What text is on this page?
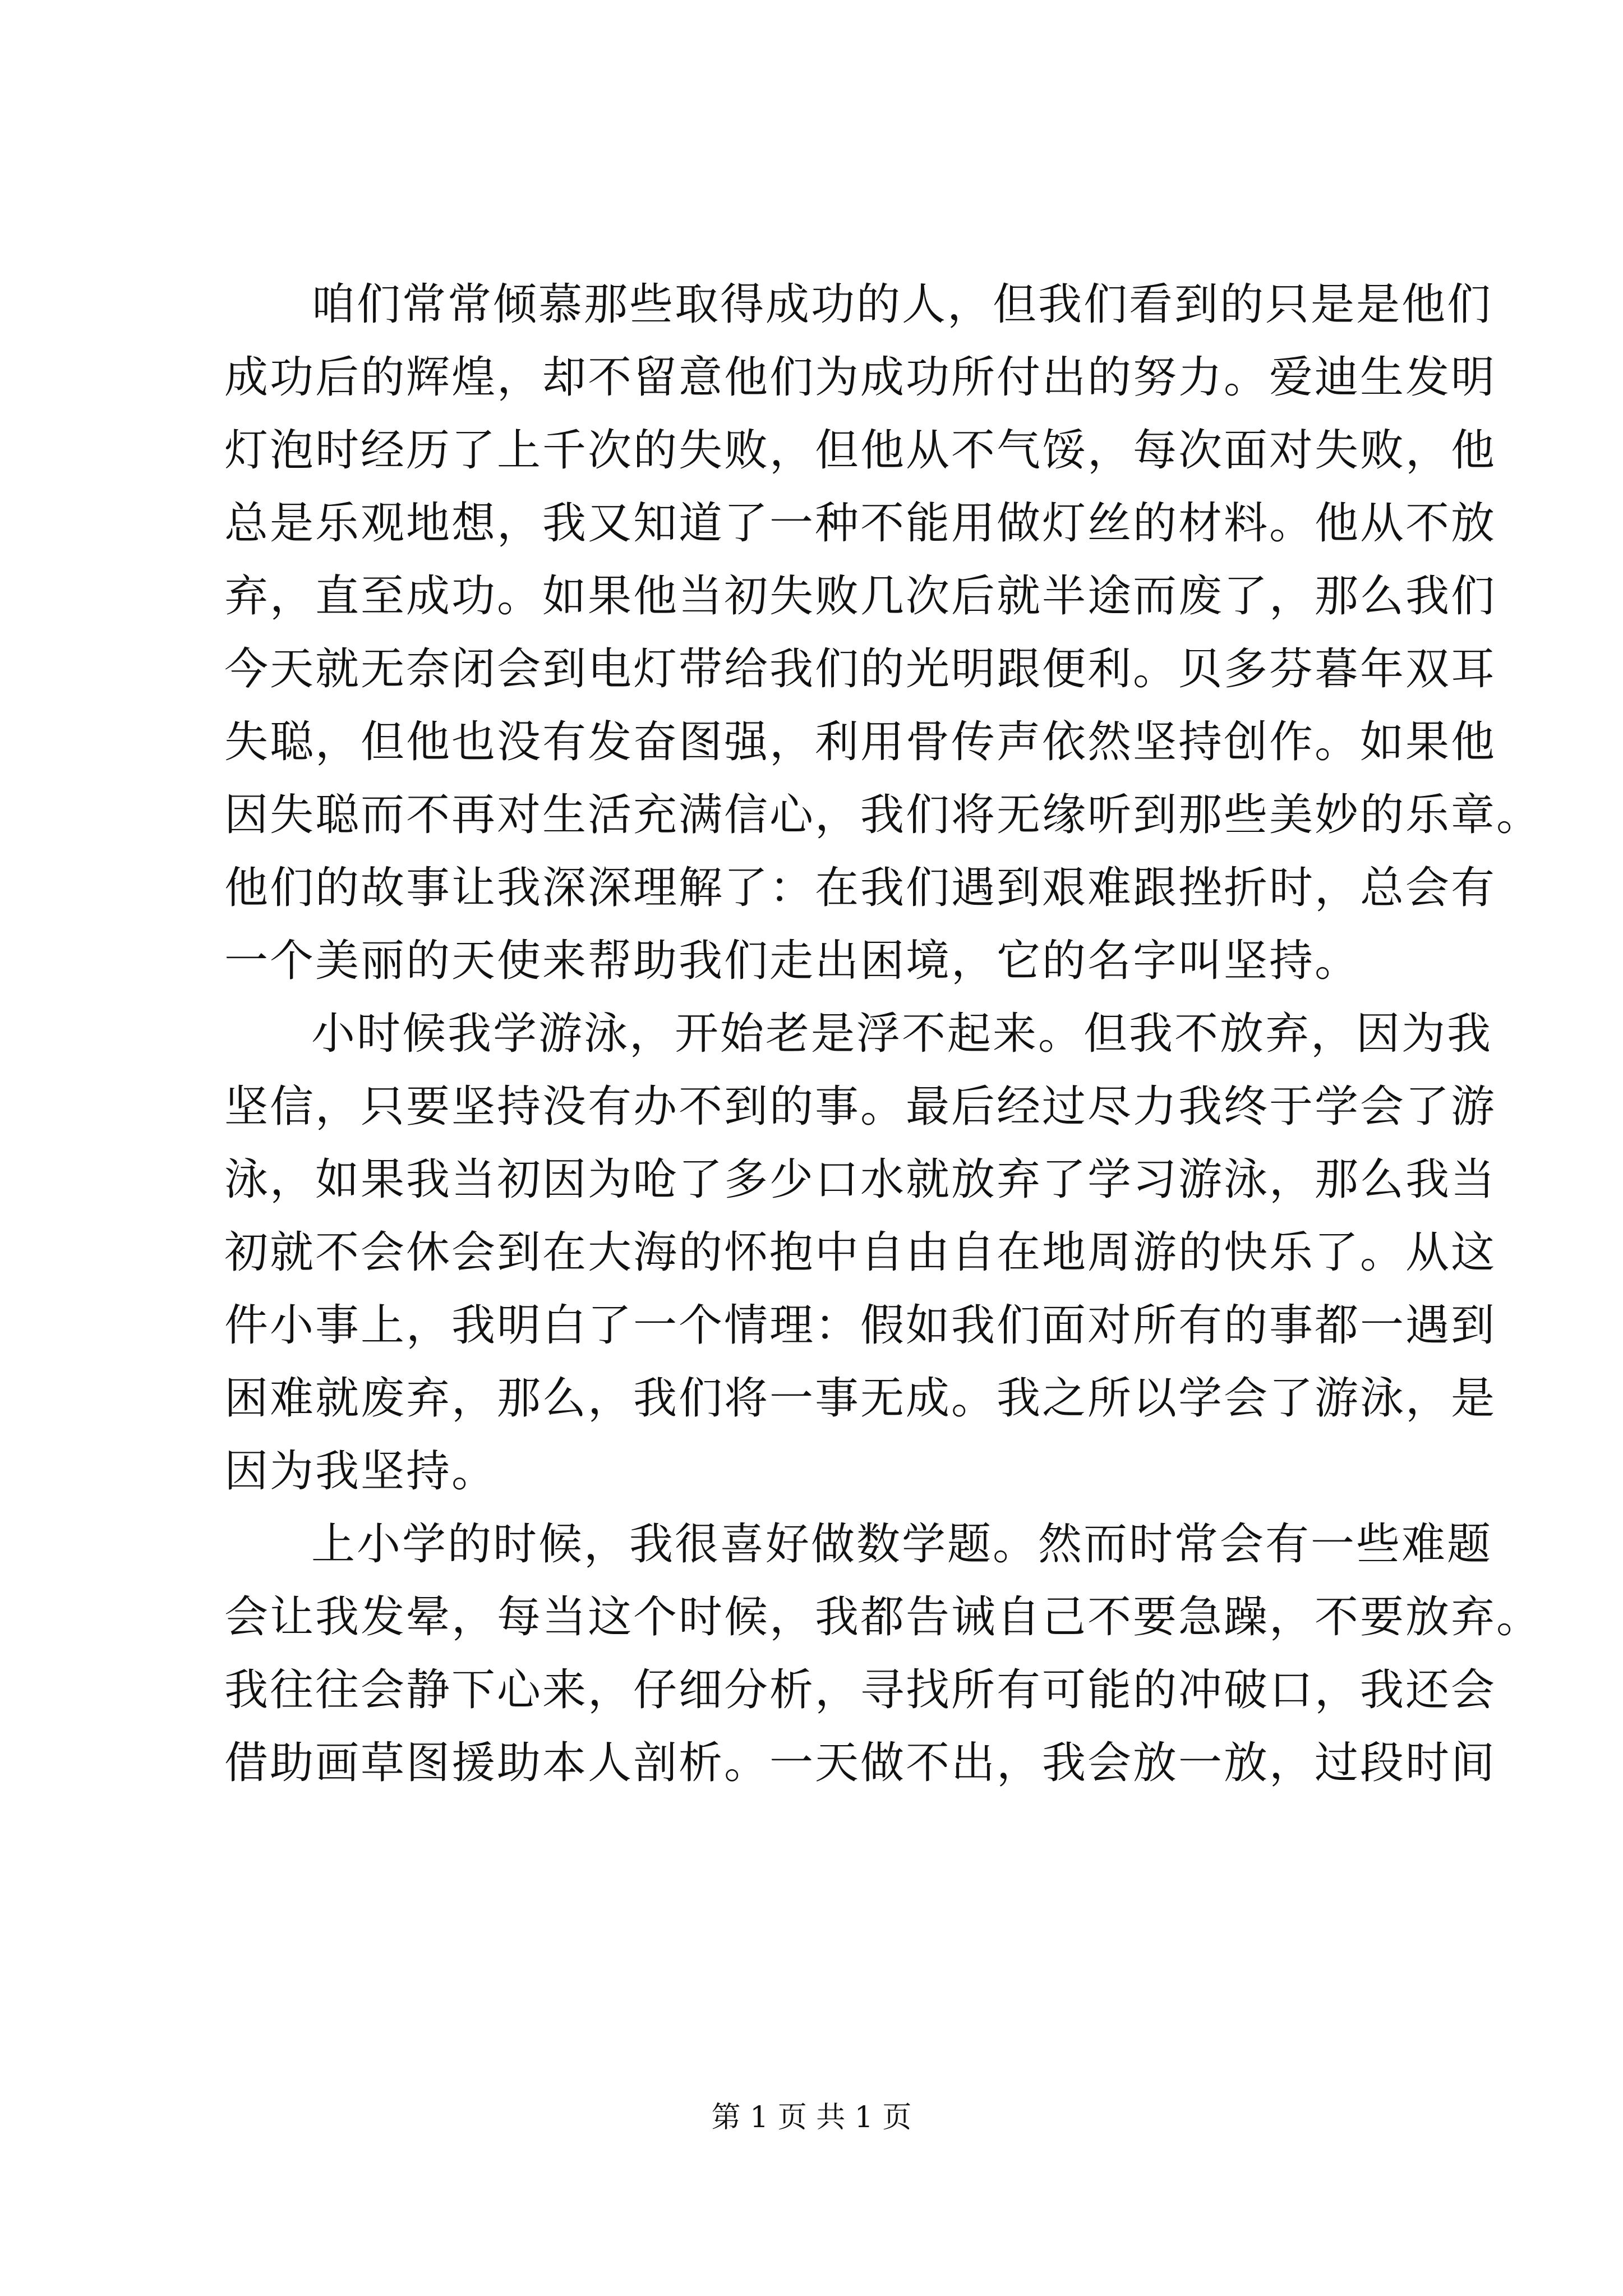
咱们常常倾慕那些取得成功的人，但我们看到的只是是他们
成功后的辉煌，却不留意他们为成功所付出的努力。爱迪生发明
灯泡时经历了上千次的失败，但他从不气馁，每次面对失败，他
总是乐观地想，我又知道了一种不能用做灯丝的材料。他从不放
弃，直至成功。如果他当初失败几次后就半途而废了，那么我们
今天就无奈闭会到电灯带给我们的光明跟便利。贝多芬暮年双耳
失聪，但他也没有发奋图强，利用骨传声依然坚持创作。如果他
因失聪而不再对生活充满信心，我们将无缘听到那些美妙的乐章。
他们的故事让我深深理解了：在我们遇到艰难跟挫折时，总会有
一个美丽的天使来帮助我们走出困境，它的名字叫坚持。
小时候我学游泳，开始老是浮不起来。但我不放弃，因为我
坚信，只要坚持没有办不到的事。最后经过尽力我终于学会了游
泳，如果我当初因为呛了多少口水就放弃了学习游泳，那么我当
初就不会休会到在大海的怀抱中自由自在地周游的快乐了。从这
件小事上，我明白了一个情理：假如我们面对所有的事都一遇到
困难就废弃，那么，我们将一事无成。我之所以学会了游泳，是
因为我坚持。
上小学的时候，我很喜好做数学题。然而时常会有一些难题
会让我发晕，每当这个时候，我都告诫自己不要急躁，不要放弃。
我往往会静下心来，仔细分析，寻找所有可能的冲破口，我还会
借助画草图援助本人剖析。一天做不出，我会放一放，过段时间
第 1 页 共 1 页
